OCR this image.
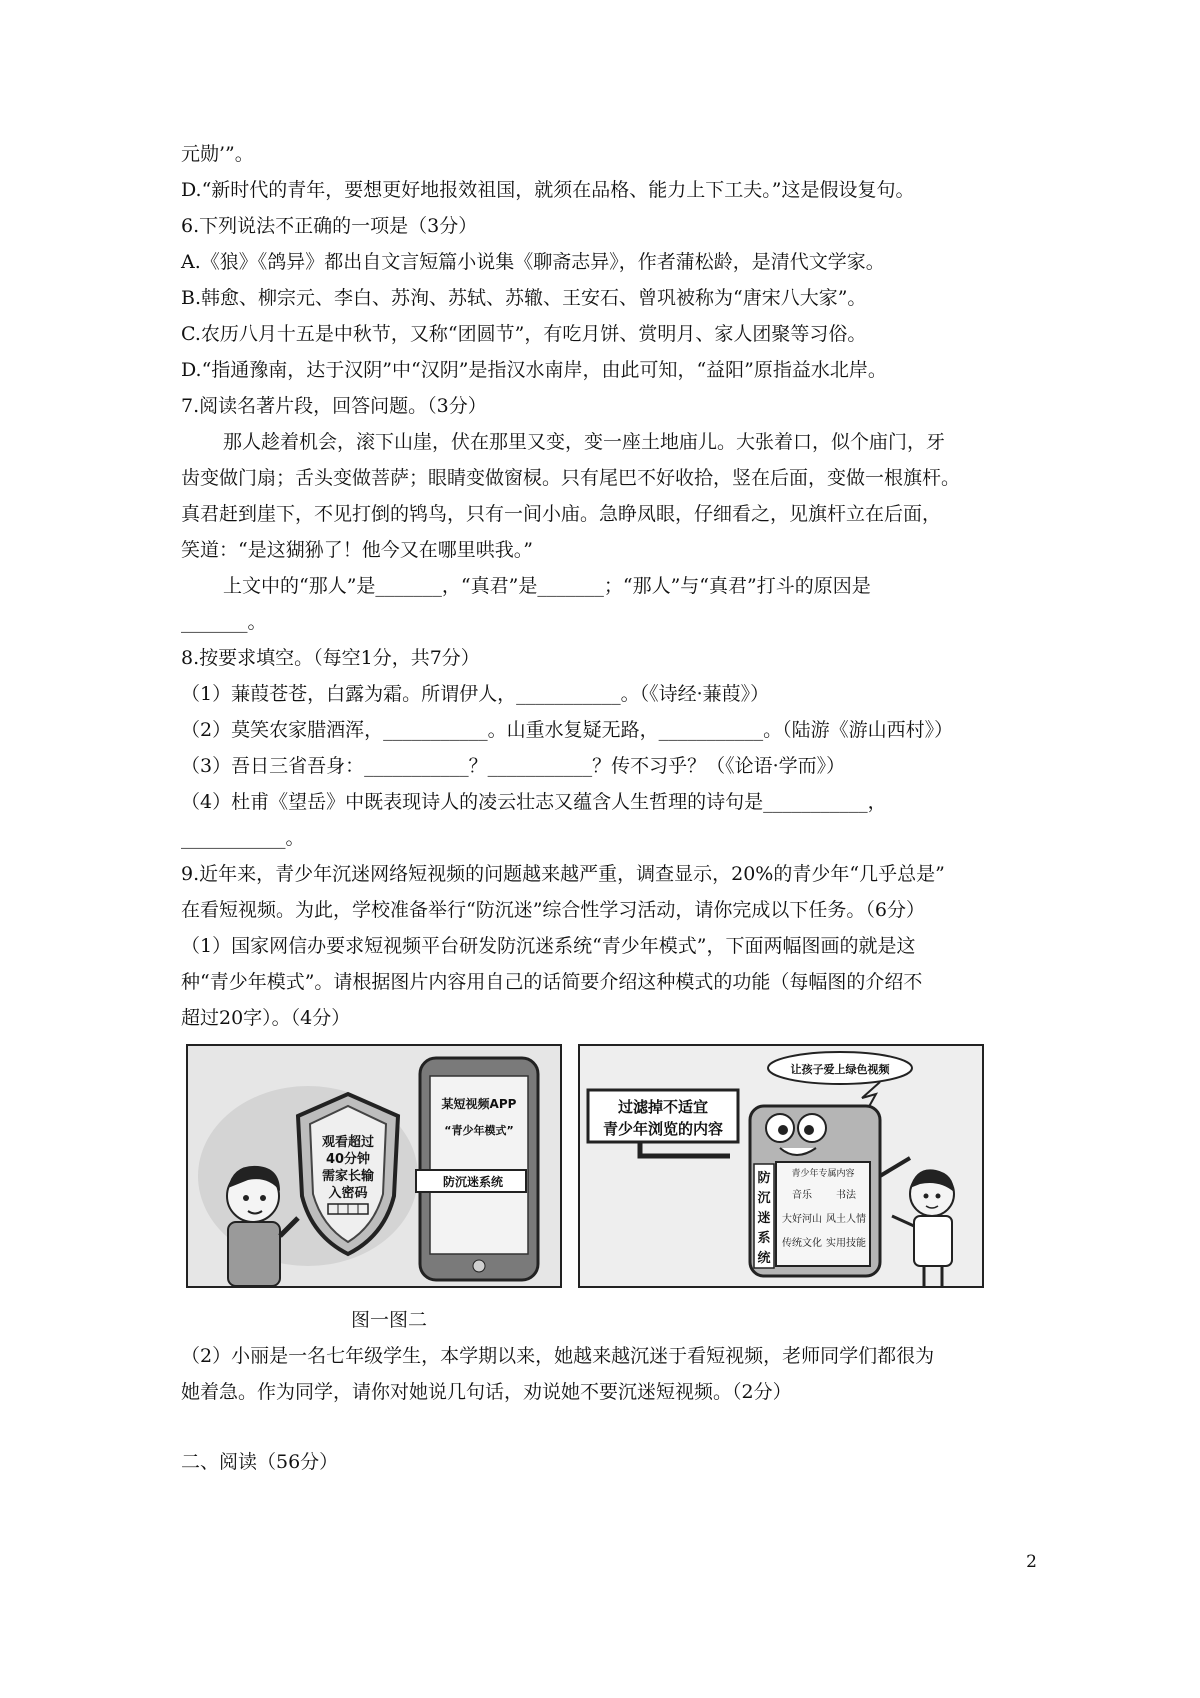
元勋’”。
D.“新时代的青年，要想更好地报效祖国，就须在品格、能力上下工夫。”这是假设复句。
6.下列说法不正确的一项是（3分）
A.《狼》《鸽异》都出自文言短篇小说集《聊斋志异》，作者蒲松龄，是清代文学家。
B.韩愈、柳宗元、李白、苏洵、苏轼、苏辙、王安石、曾巩被称为“唐宋八大家”。
C.农历八月十五是中秋节，又称“团圆节”，有吃月饼、赏明月、家人团聚等习俗。
D.“指通豫南，达于汉阴”中“汉阴”是指汉水南岸，由此可知，“益阳”原指益水北岸。
7.阅读名著片段，回答问题。（3分）
那人趁着机会，滚下山崖，伏在那里又变，变一座土地庙儿。大张着口，似个庙门，牙
齿变做门扇；舌头变做菩萨；眼睛变做窗棂。只有尾巴不好收拾，竖在后面，变做一根旗杆。
真君赶到崖下，不见打倒的鸨鸟，只有一间小庙。急睁凤眼，仔细看之，见旗杆立在后面，
笑道：“是这猢狲了！他今又在哪里哄我。”
上文中的“那人”是_______，“真君”是_______；“那人”与“真君”打斗的原因是
_______。
8.按要求填空。（每空1分，共7分）
（1）蒹葭苍苍，白露为霜。所谓伊人，___________。（《诗经·蒹葭》）
（2）莫笑农家腊酒浑，___________。山重水复疑无路，___________。（陆游《游山西村》）
（3）吾日三省吾身：___________？___________？传不习乎？（《论语·学而》）
（4）杜甫《望岳》中既表现诗人的凌云壮志又蕴含人生哲理的诗句是___________，
___________。
9.近年来，青少年沉迷网络短视频的问题越来越严重，调查显示，20%的青少年“几乎总是”
在看短视频。为此，学校准备举行“防沉迷”综合性学习活动，请你完成以下任务。（6分）
（1）国家网信办要求短视频平台研发防沉迷系统“青少年模式”，下面两幅图画的就是这
种“青少年模式”。请根据图片内容用自己的话简要介绍这种模式的功能（每幅图的介绍不
超过20字）。（4分）
观看超过
40分钟
需家长输
入密码
某短视频APP
“青少年模式”
防沉迷系统
让孩子爱上绿色视频
过滤掉不适宜
青少年浏览的内容
青少年专属内容
音乐 书法
大好河山 风土人情
传统文化 实用技能
防
沉
迷
系
统
图一图二
（2）小丽是一名七年级学生，本学期以来，她越来越沉迷于看短视频，老师同学们都很为
她着急。作为同学，请你对她说几句话，劝说她不要沉迷短视频。（2分）
二、阅读（56分）
2
